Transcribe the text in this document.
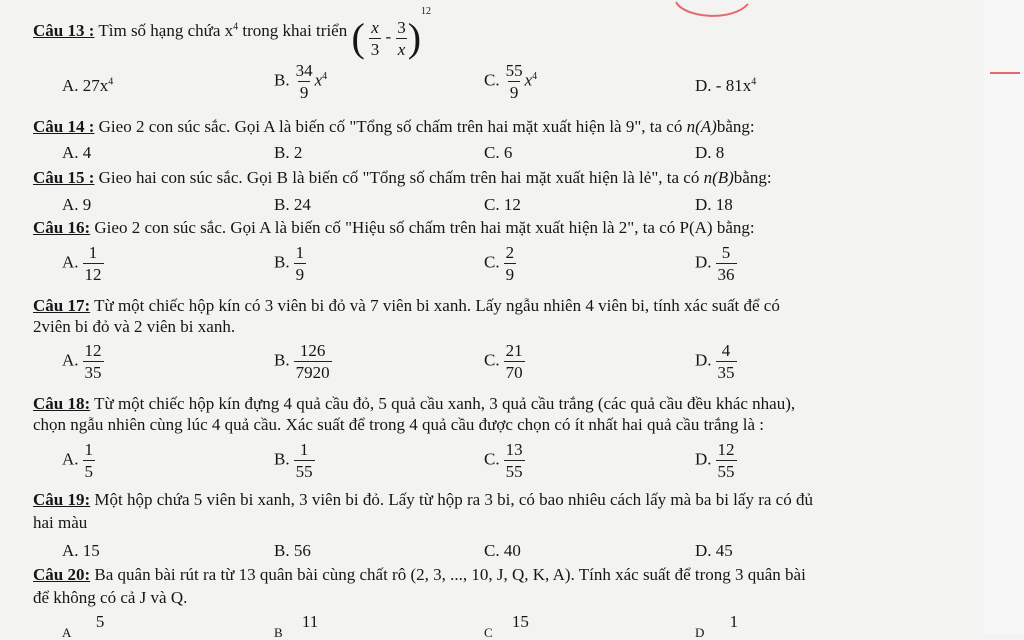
Câu 13 : Tìm số hạng chứa $x^4$ trong khai triển ( $\frac{x}{3} - \frac{3}{x} )^{12}$
A. $27x^4$	B. $\frac{34}{9} x^4$	C. $\frac{55}{9} x^4$	D. - $81x^4$
Câu 14 : Gieo 2 con súc sắc. Gọi A là biến cố "Tổng số chấm trên hai mặt xuất hiện là 9", ta có n(A)bằng:
A. 4	B. 2	C. 6	D. 8
Câu 15 : Gieo hai con súc sắc. Gọi B là biến cố "Tổng số chấm trên hai mặt xuất hiện là lẻ", ta có n(B)bằng:
A. 9	B. 24	C. 12	D. 18
Câu 16: Gieo 2 con súc sắc. Gọi A là biến cố "Hiệu số chấm trên hai mặt xuất hiện là 2", ta có P(A) bằng:
A. $\frac{1}{12}$	B. $\frac{1}{9}$	C. $\frac{2}{9}$	D. $\frac{5}{36}$
Câu 17: Từ một chiếc hộp kín có 3 viên bi đỏ và 7 viên bi xanh. Lấy ngẫu nhiên 4 viên bi, tính xác suất để có
2viên bi đỏ và 2 viên bi xanh.
A. $\frac{12}{35}$	B. $\frac{126}{7920}$	C. $\frac{21}{70}$	D. $\frac{4}{35}$
Câu 18: Từ một chiếc hộp kín đựng 4 quả cầu đỏ, 5 quả cầu xanh, 3 quả cầu trắng (các quả cầu đều khác nhau),
chọn ngẫu nhiên cùng lúc 4 quả cầu. Xác suất để trong 4 quả cầu được chọn có ít nhất hai quả cầu trắng là :
A. $\frac{1}{5}$	B. $\frac{1}{55}$	C. $\frac{13}{55}$	D. $\frac{12}{55}$
Câu 19: Một hộp chứa 5 viên bi xanh, 3 viên bi đỏ. Lấy từ hộp ra 3 bi, có bao nhiêu cách lấy mà ba bi lấy ra có đủ
hai màu
A. 15	B. 56	C. 40	D. 45
Câu 20: Ba quân bài rút ra từ 13 quân bài cùng chất rô (2, 3, ..., 10, J, Q, K, A). Tính xác suất để trong 3 quân bài
để không có cả J và Q.
A 5
B 11
C 15
D 1
